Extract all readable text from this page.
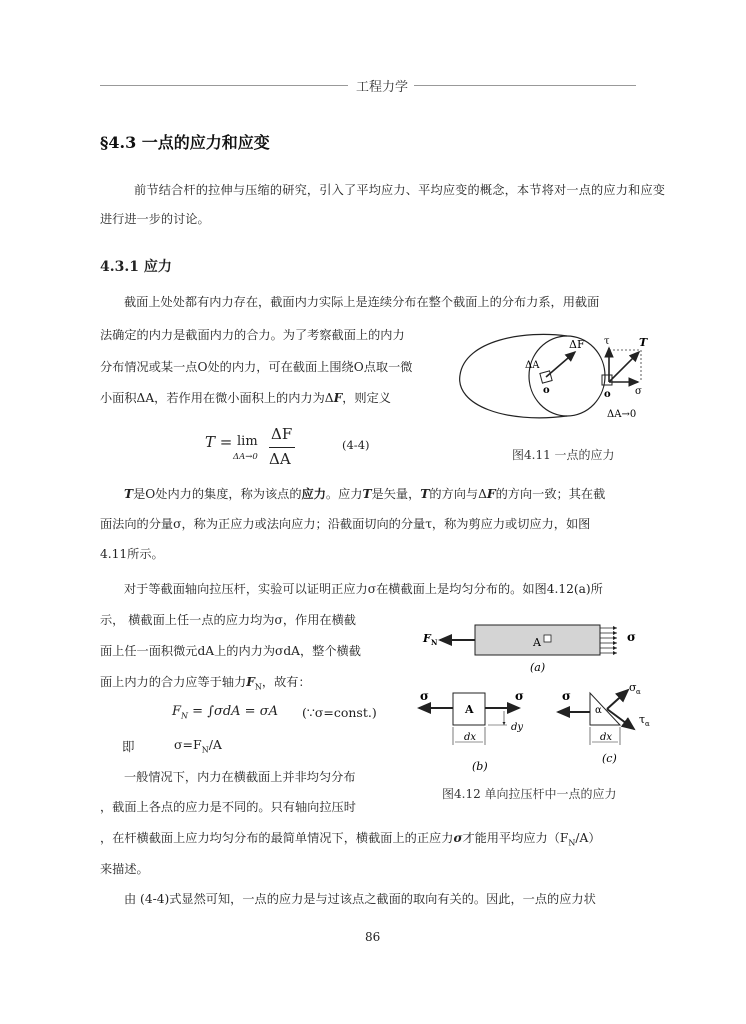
工程力学
§4.3 一点的应力和应变
前节结合杆的拉伸与压缩的研究，引入了平均应力、平均应变的概念，本节将对一点的应力和应变进行进一步的讨论。
4.3.1 应力
截面上处处都有内力存在，截面内力实际上是连续分布在整个截面上的分布力系，用截面
法确定的内力是截面内力的合力。为了考察截面上的内力
分布情况或某一点O处的内力，可在截面上围绕O点取一微
小面积ΔA，若作用在微小面积上的内力为ΔF，则定义
T = lim
ΔA→0
ΔF
ΔA
(4-4)
ΔF
ΔA
o
τ	T
σ
o
ΔA→0
图4.11 一点的应力
T是O处内力的集度，称为该点的应力。应力T是矢量，T的方向与ΔF的方向一致；其在截
面法向的分量σ，称为正应力或法向应力；沿截面切向的分量τ，称为剪应力或切应力，如图
4.11所示。
对于等截面轴向拉压杆，实验可以证明正应力σ在横截面上是均匀分布的。如图4.12(a)所
示， 横截面上任一点的应力均为σ，作用在横截
面上任一面积微元dA上的内力为σdA，整个横截
面上内力的合力应等于轴力$F_N$，故有：
$F_N = \int\sigma dA = \sigma A$ (∵σ=const.)
即	$\sigma=F_N/A$
一般情况下，内力在横截面上并非均匀分布
，截面上各点的应力是不同的。只有轴向拉压时
，在杆横截面上应力均匀分布的最简单情况下，横截面上的正应力σ才能用平均应力$(F_N/A)$
来描述。
由 (4-4)式显然可知，一点的应力是与过该点之截面的取向有关的。因此，一点的应力状
F N	A	σ
(a)
σ
A
σ
dy
dx
(b)
σ
α
σ α
τ α
dx
(c)
图4.12 单向拉压杆中一点的应力
86
